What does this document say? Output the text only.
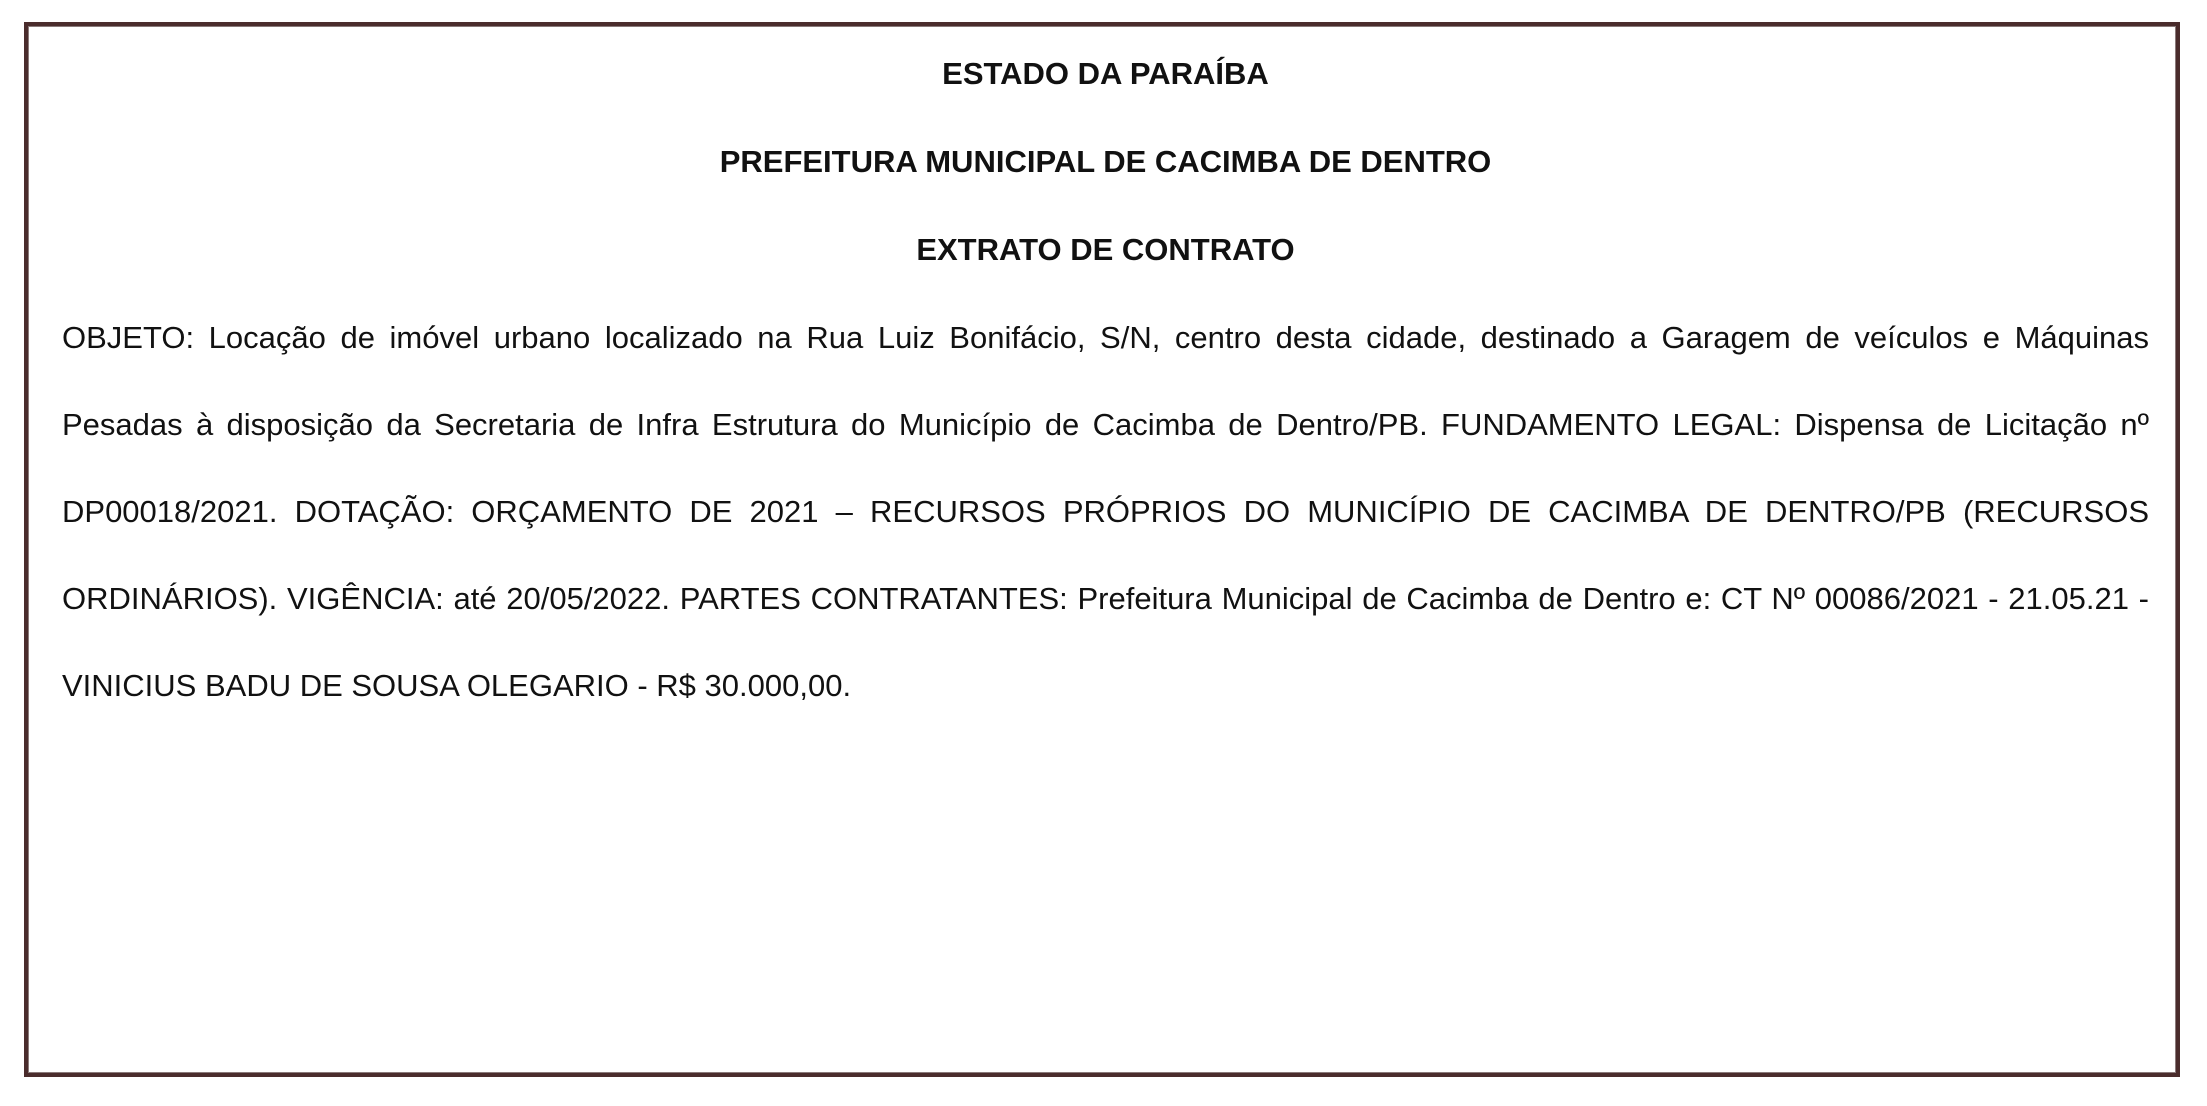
ESTADO DA PARAÍBA

PREFEITURA MUNICIPAL DE CACIMBA DE DENTRO

EXTRATO DE CONTRATO

OBJETO: Locação de imóvel urbano localizado na Rua Luiz Bonifácio, S/N, centro desta cidade, destinado a Garagem de veículos e Máquinas Pesadas à disposição da Secretaria de Infra Estrutura do Município de Cacimba de Dentro/PB. FUNDAMENTO LEGAL: Dispensa de Licitação nº DP00018/2021. DOTAÇÃO: ORÇAMENTO DE 2021 – RECURSOS PRÓPRIOS DO MUNICÍPIO DE CACIMBA DE DENTRO/PB (RECURSOS ORDINÁRIOS). VIGÊNCIA: até 20/05/2022. PARTES CONTRATANTES: Prefeitura Municipal de Cacimba de Dentro e: CT Nº 00086/2021 - 21.05.21 - VINICIUS BADU DE SOUSA OLEGARIO - R$ 30.000,00.
